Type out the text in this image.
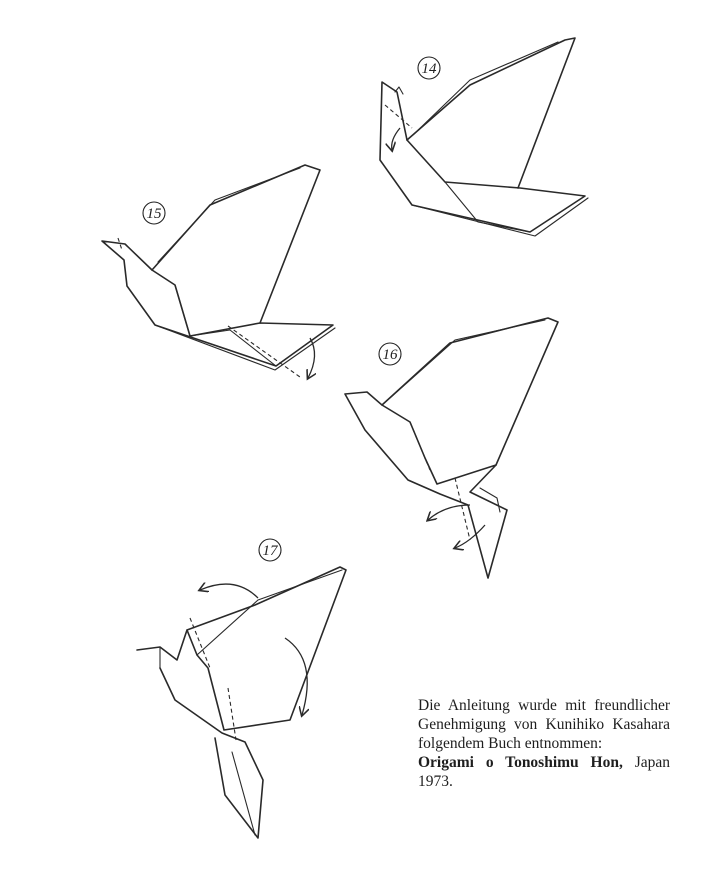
14
15
16
17
Die Anleitung wurde mit freundlicher Genehmigung von Kunihiko Kasahara folgendem Buch entnommen:
Origami o Tonoshimu Hon, Japan 1973.
